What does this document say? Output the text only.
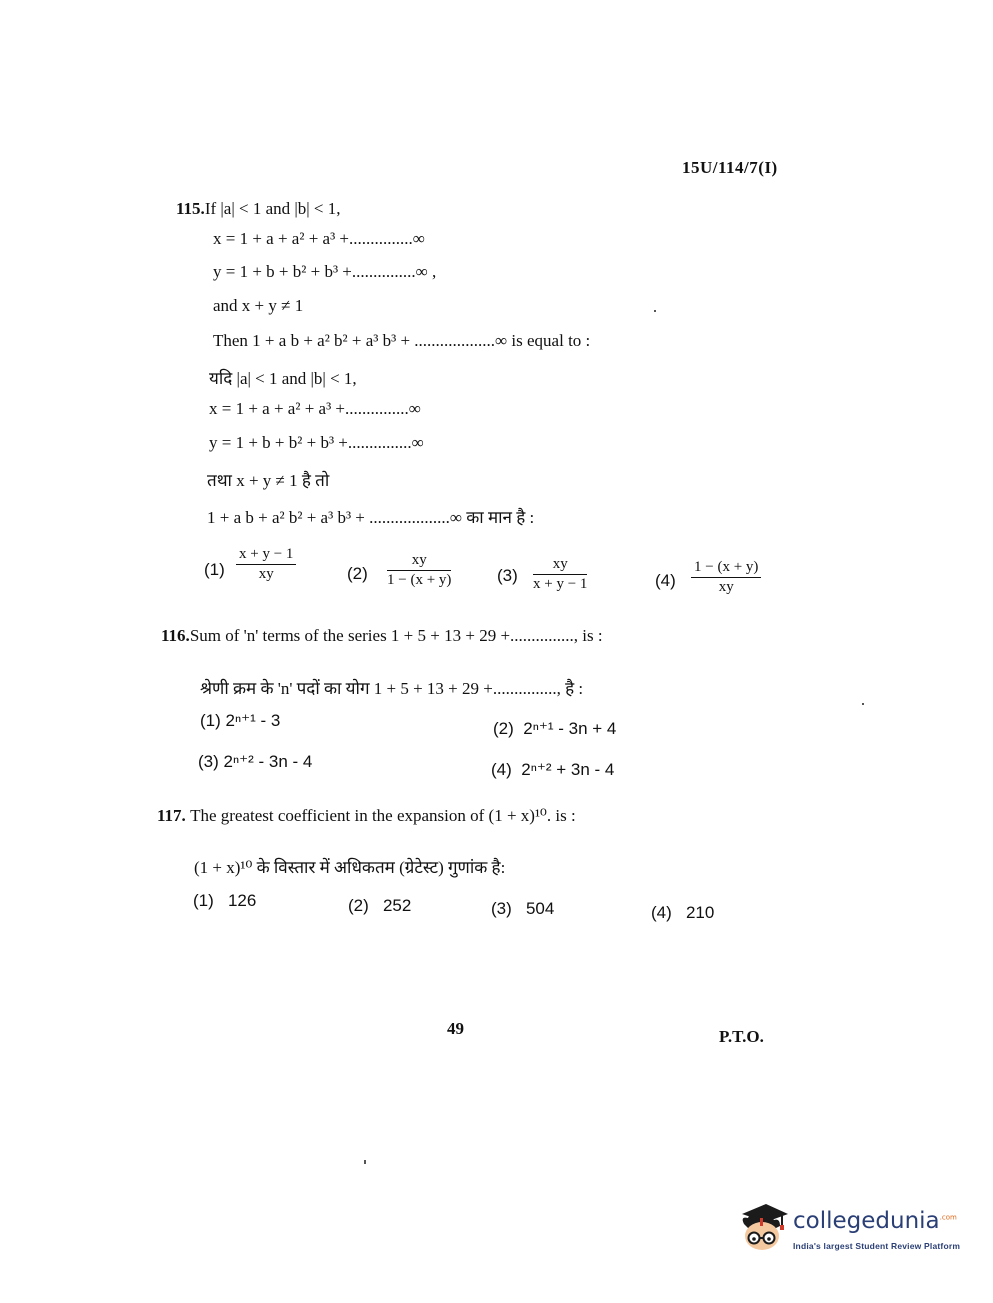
15U/114/7(I)
115.If |a| < 1 and |b| < 1,
x = 1 + a + a² + a³ +...............∞
y = 1 + b + b² + b³ +...............∞ ,
and x + y ≠ 1
Then 1 + a b + a² b² + a³ b³ + ...................∞ is equal to :
यदि |a| < 1 and |b| < 1,
x = 1 + a + a² + a³ +...............∞
y = 1 + b + b² + b³ +...............∞
तथा x + y ≠ 1 है तो
1 + a b + a² b² + a³ b³ + ...................∞ का मान है :
$(1) \frac{x + y - 1}{xy}$	$(2) \frac{xy}{1 - (x + y)}$	$(3) \frac{xy}{x + y - 1}$	$(4) \frac{1 - (x + y)}{xy}$
116.Sum of 'n' terms of the series 1 + 5 + 13 + 29 +..............., is :
श्रेणी क्रम के 'n' पदों का योग 1 + 5 + 13 + 29 +..............., है :
(1) 2ⁿ⁺¹ - 3	(2) 2ⁿ⁺¹ - 3n + 4
(3) 2ⁿ⁺² - 3n - 4	(4) 2ⁿ⁺² + 3n - 4
117. The greatest coefficient in the expansion of (1 + x)¹⁰. is :
(1 + x)¹⁰ के विस्तार में अधिकतम (ग्रेटेस्ट) गुणांक है:
(1) 126	(2) 252	(3) 504	(4) 210
49	P.T.O.
collegedunia$^{.com}$
India's largest Student Review Platform
